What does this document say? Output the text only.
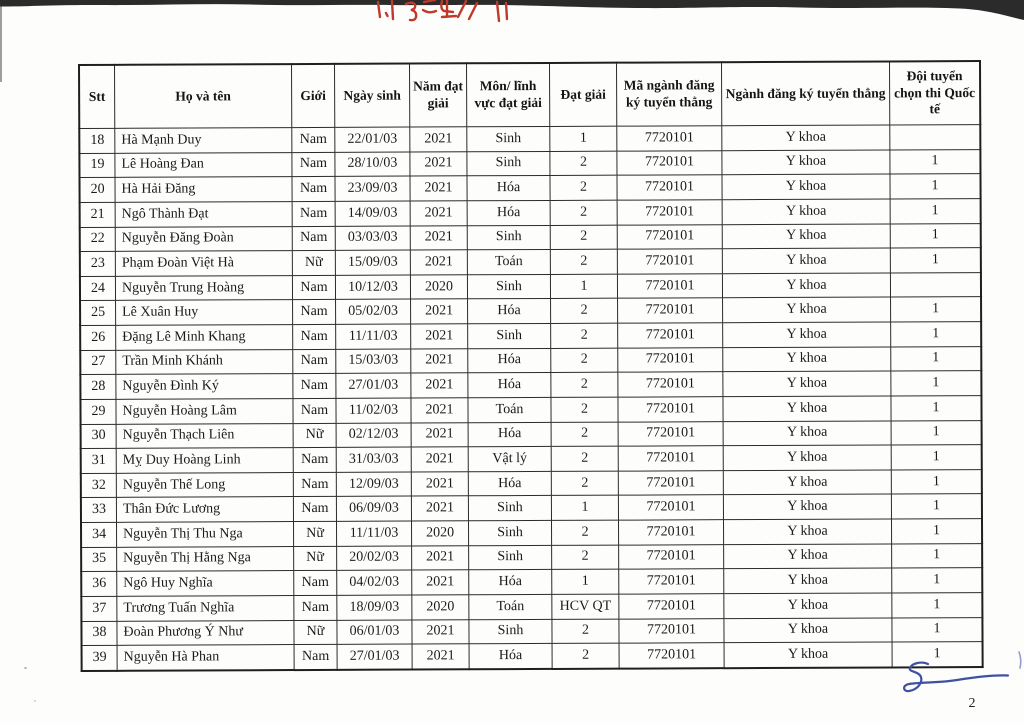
Stt	Họ và tên	Giới	Ngày sinh	Năm đạt giải	Môn/ lĩnh vực đạt giải	Đạt giải	Mã ngành đăng ký tuyển thẳng	Ngành đăng ký tuyển thẳng	Đội tuyển chọn thi Quốc tế
18	Hà Mạnh Duy	Nam	22/01/03	2021	Sinh	1	7720101	Y khoa	
19	Lê Hoàng Đan	Nam	28/10/03	2021	Sinh	2	7720101	Y khoa	1
20	Hà Hải Đăng	Nam	23/09/03	2021	Hóa	2	7720101	Y khoa	1
21	Ngô Thành Đạt	Nam	14/09/03	2021	Hóa	2	7720101	Y khoa	1
22	Nguyễn Đăng Đoàn	Nam	03/03/03	2021	Sinh	2	7720101	Y khoa	1
23	Phạm Đoàn Việt Hà	Nữ	15/09/03	2021	Toán	2	7720101	Y khoa	1
24	Nguyễn Trung Hoàng	Nam	10/12/03	2020	Sinh	1	7720101	Y khoa	
25	Lê Xuân Huy	Nam	05/02/03	2021	Hóa	2	7720101	Y khoa	1
26	Đặng Lê Minh Khang	Nam	11/11/03	2021	Sinh	2	7720101	Y khoa	1
27	Trần Minh Khánh	Nam	15/03/03	2021	Hóa	2	7720101	Y khoa	1
28	Nguyễn Đình Ký	Nam	27/01/03	2021	Hóa	2	7720101	Y khoa	1
29	Nguyễn Hoàng Lâm	Nam	11/02/03	2021	Toán	2	7720101	Y khoa	1
30	Nguyễn Thạch Liên	Nữ	02/12/03	2021	Hóa	2	7720101	Y khoa	1
31	Mỵ Duy Hoàng Linh	Nam	31/03/03	2021	Vật lý	2	7720101	Y khoa	1
32	Nguyễn Thế Long	Nam	12/09/03	2021	Hóa	2	7720101	Y khoa	1
33	Thân Đức Lương	Nam	06/09/03	2021	Sinh	1	7720101	Y khoa	1
34	Nguyễn Thị Thu Nga	Nữ	11/11/03	2020	Sinh	2	7720101	Y khoa	1
35	Nguyễn Thị Hằng Nga	Nữ	20/02/03	2021	Sinh	2	7720101	Y khoa	1
36	Ngô Huy Nghĩa	Nam	04/02/03	2021	Hóa	1	7720101	Y khoa	1
37	Trương Tuấn Nghĩa	Nam	18/09/03	2020	Toán	HCV QT	7720101	Y khoa	1
38	Đoàn Phương Ý Như	Nữ	06/01/03	2021	Sinh	2	7720101	Y khoa	1
39	Nguyễn Hà Phan	Nam	27/01/03	2021	Hóa	2	7720101	Y khoa	1
2
